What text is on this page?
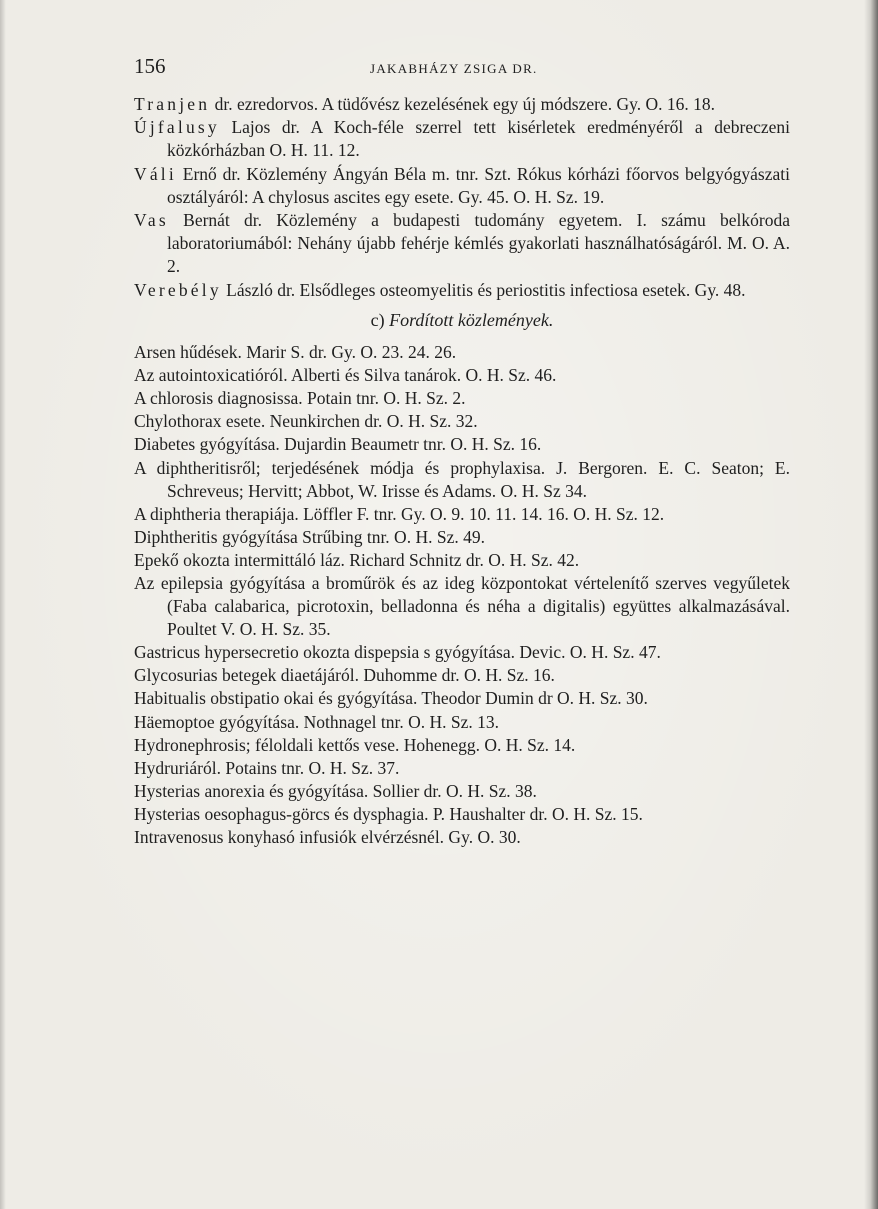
156	JAKABHÁZY ZSIGA DR.
Tranjen dr. ezredorvos. A tüdővész kezelésének egy új módszere. Gy. O. 16. 18.
Újfalusy Lajos dr. A Koch-féle szerrel tett kisérletek eredményéről a debreczeni közkórházban O. H. 11. 12.
Váli Ernő dr. Közlemény Ángyán Béla m. tnr. Szt. Rókus kórházi főorvos belgyógyászati osztályáról: A chylosus ascites egy esete. Gy. 45. O. H. Sz. 19.
Vas Bernát dr. Közlemény a budapesti tudomány egyetem. I. számu belkóroda laboratoriumából: Nehány újabb fehérje kémlés gyakorlati használhatóságáról. M. O. A. 2.
Verebély László dr. Elsődleges osteomyelitis és periostitis infectiosa esetek. Gy. 48.
c) Fordított közlemények.
Arsen hűdések. Marir S. dr. Gy. O. 23. 24. 26.
Az autointoxicatióról. Alberti és Silva tanárok. O. H. Sz. 46.
A chlorosis diagnosissa. Potain tnr. O. H. Sz. 2.
Chylothorax esete. Neunkirchen dr. O. H. Sz. 32.
Diabetes gyógyítása. Dujardin Beaumetr tnr. O. H. Sz. 16.
A diphtheritisről; terjedésének módja és prophylaxisa. J. Bergoren. E. C. Seaton; E. Schreveus; Hervitt; Abbot, W. Irisse és Adams. O. H. Sz 34.
A diphtheria therapiája. Löffler F. tnr. Gy. O. 9. 10. 11. 14. 16. O. H. Sz. 12.
Diphtheritis gyógyítása Strűbing tnr. O. H. Sz. 49.
Epekő okozta intermittáló láz. Richard Schnitz dr. O. H. Sz. 42.
Az epilepsia gyógyítása a broműrök és az ideg központokat vértelenítő szerves vegyűletek (Faba calabarica, picrotoxin, belladonna és néha a digitalis) együttes alkalmazásával. Poultet V. O. H. Sz. 35.
Gastricus hypersecretio okozta dispepsia s gyógyítása. Devic. O. H. Sz. 47.
Glycosurias betegek diaetájáról. Duhomme dr. O. H. Sz. 16.
Habitualis obstipatio okai és gyógyítása. Theodor Dumin dr O. H. Sz. 30.
Häemoptoe gyógyítása. Nothnagel tnr. O. H. Sz. 13.
Hydronephrosis; féloldali kettős vese. Hohenegg. O. H. Sz. 14.
Hydruriáról. Potains tnr. O. H. Sz. 37.
Hysterias anorexia és gyógyítása. Sollier dr. O. H. Sz. 38.
Hysterias oesophagus-görcs és dysphagia. P. Haushalter dr. O. H. Sz. 15.
Intravenosus konyhasó infusiók elvérzésnél. Gy. O. 30.
